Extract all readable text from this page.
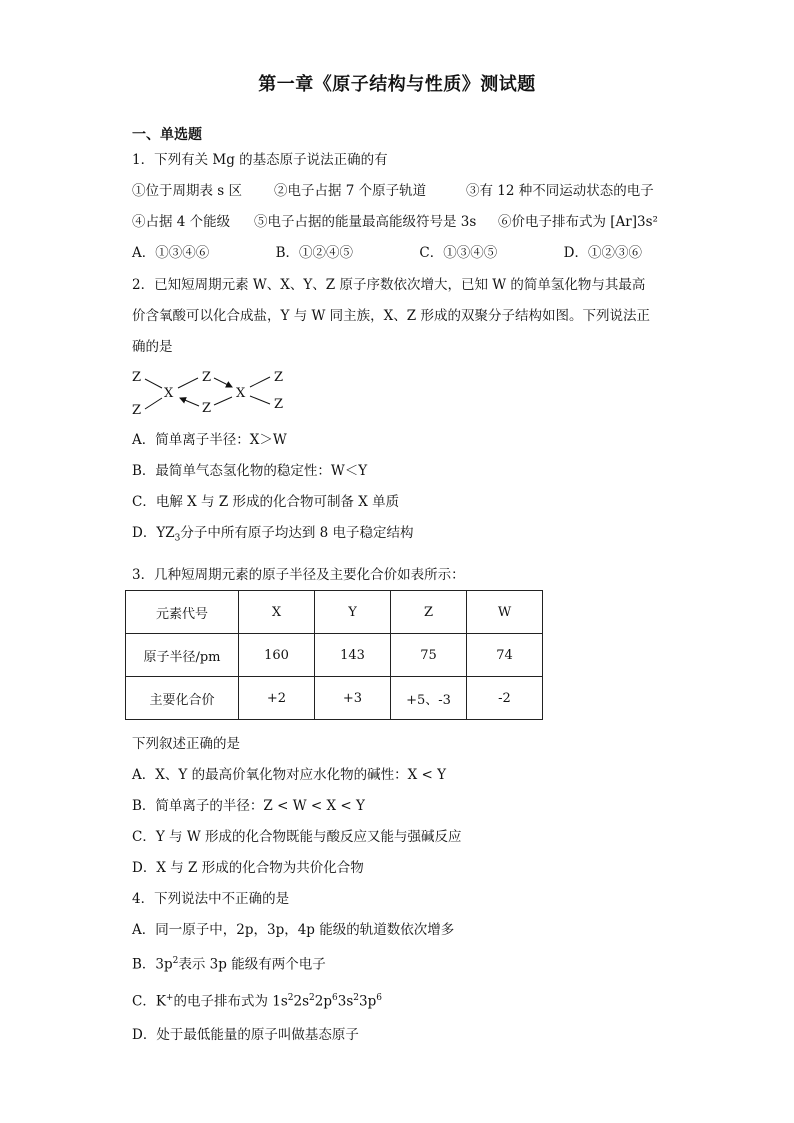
第一章《原子结构与性质》测试题
一、单选题
1．下列有关 Mg 的基态原子说法正确的有
①位于周期表 s 区 ②电子占据 7 个原子轨道	③有 12 种不同运动状态的电子
④占据 4 个能级 ⑤电子占据的能量最高能级符号是 3s ⑥价电子排布式为 [Ar]3s²
A．①③④⑥	B．①②④⑤	C．①③④⑤	D．①②③⑥
2．已知短周期元素 W、X、Y、Z 原子序数依次增大，已知 W 的简单氢化物与其最高
价含氧酸可以化合成盐，Y 与 W 同主族，X、Z 形成的双聚分子结构如图。下列说法正
确的是
Z
Z
X
Z
Z
X
Z
Z
A．简单离子半径：X＞W
B．最简单气态氢化物的稳定性：W＜Y
C．电解 X 与 Z 形成的化合物可制备 X 单质
D．$YZ_3$分子中所有原子均达到 8 电子稳定结构
3．几种短周期元素的原子半径及主要化合价如表所示：
元素代号	X	Y	Z	W
原子半径/pm	160	143	75	74
主要化合价	+2	+3	+5、-3	-2
下列叙述正确的是
A．X、Y 的最高价氧化物对应水化物的碱性：X < Y
B．简单离子的半径：Z < W < X < Y
C．Y 与 W 形成的化合物既能与酸反应又能与强碱反应
D．X 与 Z 形成的化合物为共价化合物
4．下列说法中不正确的是
A．同一原子中，2p，3p，4p 能级的轨道数依次增多
B．$3p^2$表示 3p 能级有两个电子
C．K+的电子排布式为 $1s^22s^22p^63s^23p^6$
D．处于最低能量的原子叫做基态原子
